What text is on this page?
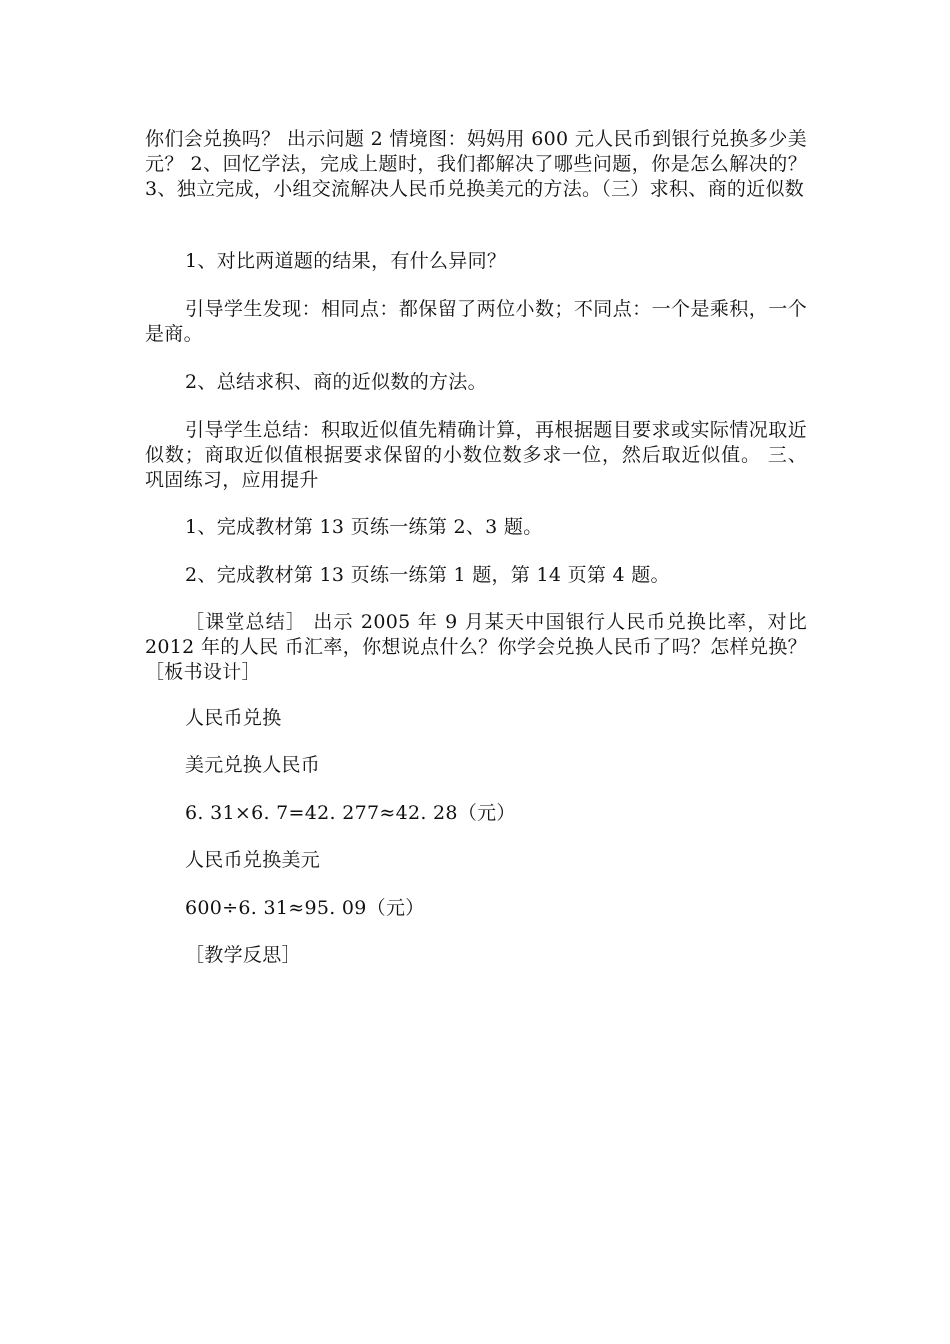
你们会兑换吗？ 出示问题 2 情境图：妈妈用 600 元人民币到银行兑换多少美元？ 2、回忆学法，完成上题时，我们都解决了哪些问题，你是怎么解决的？ 3、独立完成，小组交流解决人民币兑换美元的方法。（三）求积、商的近似数

1、对比两道题的结果，有什么异同？

引导学生发现：相同点：都保留了两位小数；不同点：一个是乘积，一个是商。

2、总结求积、商的近似数的方法。

引导学生总结：积取近似值先精确计算，再根据题目要求或实际情况取近似数；商取近似值根据要求保留的小数位数多求一位，然后取近似值。 三、巩固练习，应用提升

1、完成教材第 13 页练一练第 2、3 题。

2、完成教材第 13 页练一练第 1 题，第 14 页第 4 题。

［课堂总结］ 出示 2005 年 9 月某天中国银行人民币兑换比率，对比 2012 年的人民 币汇率，你想说点什么？你学会兑换人民币了吗？怎样兑换？ ［板书设计］

人民币兑换

美元兑换人民币

6. 31×6. 7=42. 277≈42. 28（元）

人民币兑换美元

600÷6. 31≈95. 09（元）

［教学反思］
